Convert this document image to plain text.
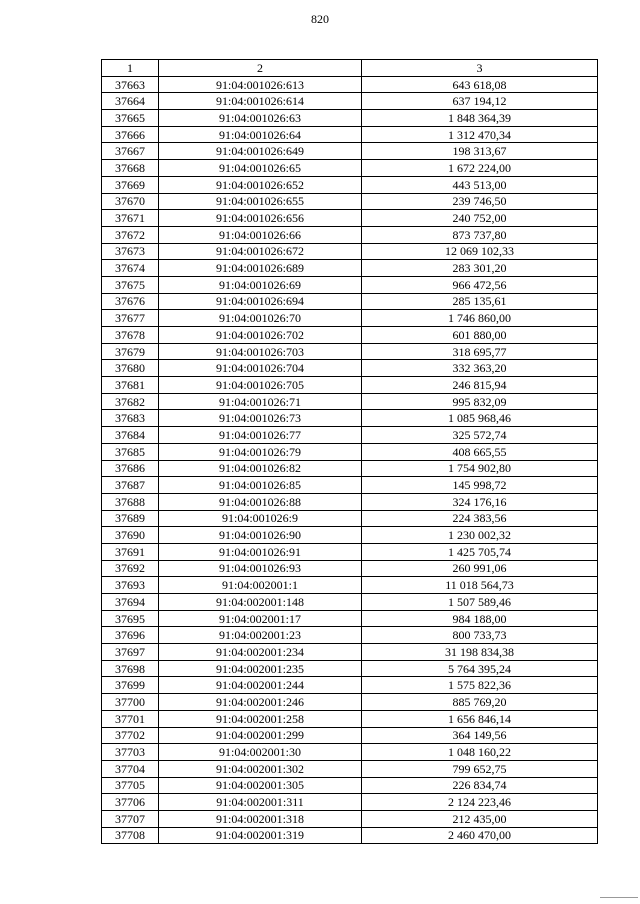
820
1	2	3
37663	91:04:001026:613	643 618,08
37664	91:04:001026:614	637 194,12
37665	91:04:001026:63	1 848 364,39
37666	91:04:001026:64	1 312 470,34
37667	91:04:001026:649	198 313,67
37668	91:04:001026:65	1 672 224,00
37669	91:04:001026:652	443 513,00
37670	91:04:001026:655	239 746,50
37671	91:04:001026:656	240 752,00
37672	91:04:001026:66	873 737,80
37673	91:04:001026:672	12 069 102,33
37674	91:04:001026:689	283 301,20
37675	91:04:001026:69	966 472,56
37676	91:04:001026:694	285 135,61
37677	91:04:001026:70	1 746 860,00
37678	91:04:001026:702	601 880,00
37679	91:04:001026:703	318 695,77
37680	91:04:001026:704	332 363,20
37681	91:04:001026:705	246 815,94
37682	91:04:001026:71	995 832,09
37683	91:04:001026:73	1 085 968,46
37684	91:04:001026:77	325 572,74
37685	91:04:001026:79	408 665,55
37686	91:04:001026:82	1 754 902,80
37687	91:04:001026:85	145 998,72
37688	91:04:001026:88	324 176,16
37689	91:04:001026:9	224 383,56
37690	91:04:001026:90	1 230 002,32
37691	91:04:001026:91	1 425 705,74
37692	91:04:001026:93	260 991,06
37693	91:04:002001:1	11 018 564,73
37694	91:04:002001:148	1 507 589,46
37695	91:04:002001:17	984 188,00
37696	91:04:002001:23	800 733,73
37697	91:04:002001:234	31 198 834,38
37698	91:04:002001:235	5 764 395,24
37699	91:04:002001:244	1 575 822,36
37700	91:04:002001:246	885 769,20
37701	91:04:002001:258	1 656 846,14
37702	91:04:002001:299	364 149,56
37703	91:04:002001:30	1 048 160,22
37704	91:04:002001:302	799 652,75
37705	91:04:002001:305	226 834,74
37706	91:04:002001:311	2 124 223,46
37707	91:04:002001:318	212 435,00
37708	91:04:002001:319	2 460 470,00
